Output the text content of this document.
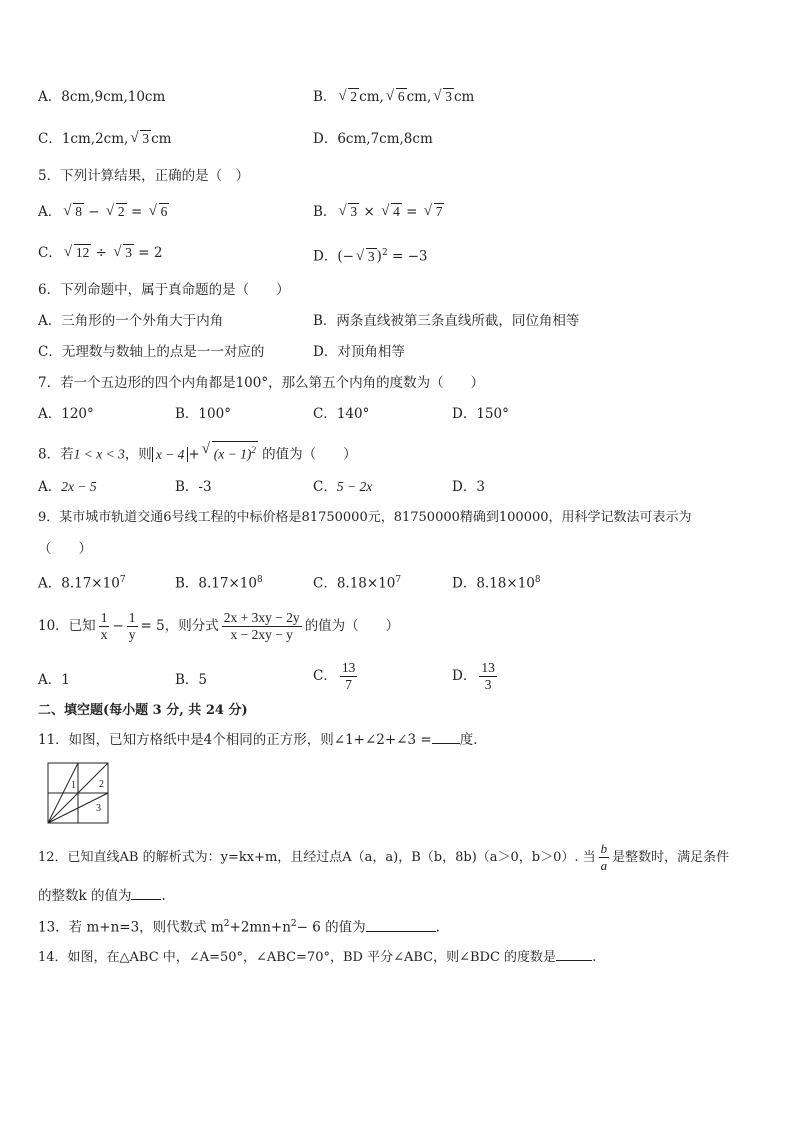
A．8cm,9cm,10cm	B． √ 2 cm, √ 6 cm, √ 3 cm
C．1cm,2cm, √ 3 cm	D．6cm,7cm,8cm
5．下列计算结果，正确的是（　）
A． √ 8 − √ 2 = √ 6	B． √ 3 × √ 4 = √ 7
C． √ 12 ÷ √ 3 = 2	D．(− √ 3 )$^2$ = −3
6．下列命题中，属于真命题的是（　　）
A．三角形的一个外角大于内角	B．两条直线被第三条直线所截，同位角相等
C．无理数与数轴上的点是一一对应的	D．对顶角相等
7．若一个五边形的四个内角都是100°，那么第五个内角的度数为（　　）
A．120°	B．100°	C．140°	D．150°
8．若1 < x < 3，则 x − 4 + √ $(x - 1)^2$ 的值为（　　）
A．2x − 5	B．-3	C．5 − 2x	D．3
9．某市城市轨道交通6号线工程的中标价格是81750000元，81750000精确到100000，用科学记数法可表示为
（　　）
A．$8.17\times 10^7$	B．$8.17\times 10^8$	C．$8.18\times 10^7$	D．$8.18\times 10^8$
10．已知 $\frac{1}{x} - \frac{1}{y} = 5$，则分式 $\frac{2x + 3xy - 2y}{x - 2xy - y}$ 的值为（　　）
A．1	B．5	C． $\frac{13}{7}$	D． $\frac{13}{3}$
二、填空题(每小题 3 分, 共 24 分)
11．如图，已知方格纸中是4个相同的正方形，则∠1+∠2+∠3 = 度.
1 2
3
12．已知直线AB 的解析式为：y=kx+m，且经过点A（a，a)，B（b，8b)（a＞0，b＞0）. 当 $\frac{b}{a}$ 是整数时，满足条件
的整数k 的值为 .
13．若 m+n=3，则代数式 $m^2+2mn+n^2- 6$ 的值为	.
14．如图，在△ABC 中，∠A=50°，∠ABC=70°，BD 平分∠ABC，则∠BDC 的度数是	.
